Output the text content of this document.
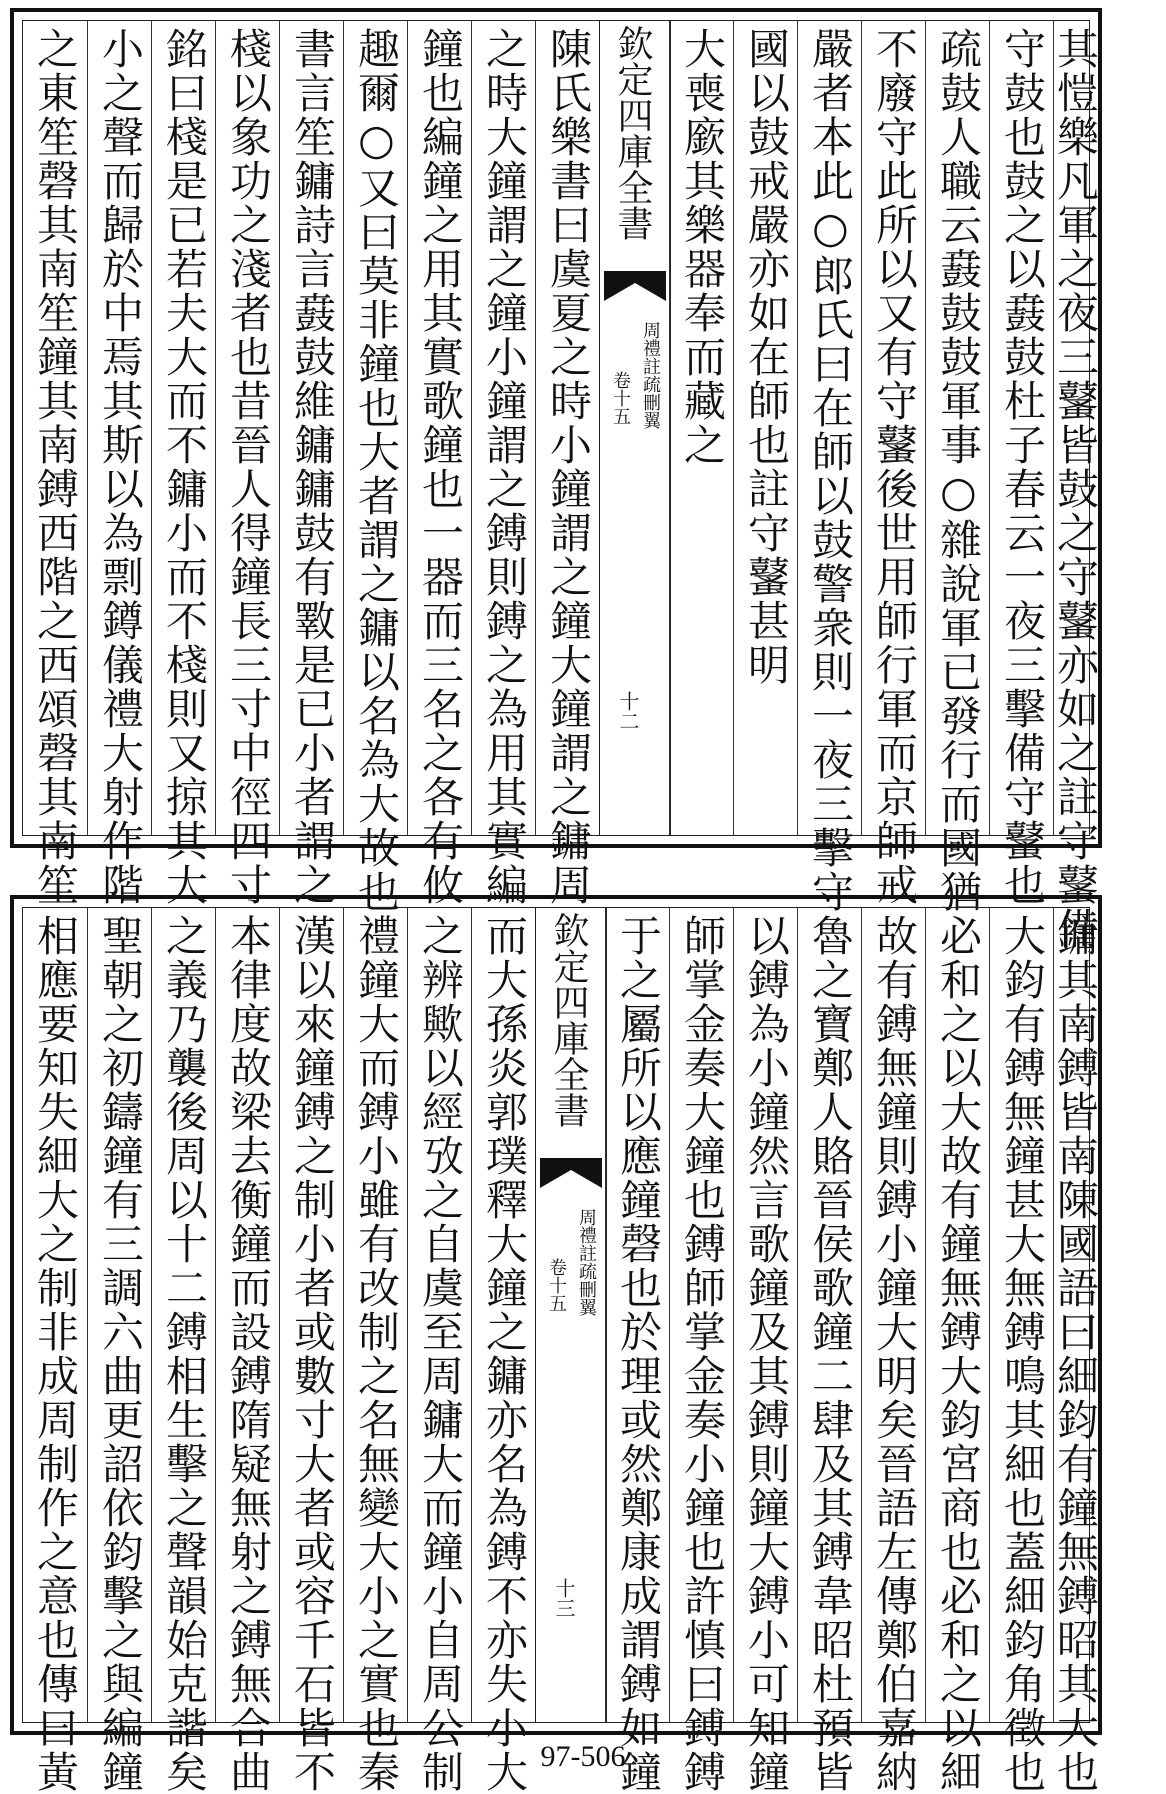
之東笙磬其南笙鐘其南鎛西階之西頌磬其南笙 小之聲而歸於中焉其斯以為剽鐏儀禮大射作階 銘曰棧是已若夫大而不鏞小而不棧則又掠其大 棧以象功之淺者也昔晉人得鐘長三寸中徑四寸 書言笙鏞詩言鼖鼓維鏞鏞鼓有斁是已小者謂之 趣爾○又曰莫非鐘也大者謂之鏞以名為大故也 鐘也編鐘之用其實歌鐘也一器而三名之各有攸 之時大鐘謂之鐘小鐘謂之鎛則鎛之為用其實編 陳氏樂書曰虞夏之時小鐘謂之鐘大鐘謂之鏞周 欽定四庫全書
周禮註疏刪翼
卷十五
十二
大喪廞其樂器奉而藏之 國以鼓戒嚴亦如在師也註守鼜甚明 嚴者本此○郎氏曰在師以鼓警衆則一夜三擊守 不廢守此所以又有守鼜後世用師行軍而京師戒 疏鼓人職云鼖鼓鼓軍事○雜說軍已發行而國猶 守鼓也鼓之以鼖鼓杜子春云一夜三擊備守鼜也 其愷樂凡軍之夜三鼜皆鼓之守鼜亦如之註守鼜備
相應要知失細大之制非成周制作之意也傳曰黃 聖朝之初鑄鐘有三調六曲更詔依鈞擊之與編鐘 之義乃襲後周以十二鎛相生擊之聲韻始克諧矣 本律度故梁去衡鐘而設鎛隋疑無射之鎛無合曲 漢以來鐘鎛之制小者或數寸大者或容千石皆不 禮鐘大而鎛小雖有改制之名無變大小之實也秦 之辨歟以經攷之自虞至周鏞大而鐘小自周公制 而大孫炎郭璞釋大鐘之鏞亦名為鎛不亦失小大 欽定四庫全書
周禮註疏刪翼
卷十五
十三 于之屬所以應鐘磬也於理或然鄭康成謂鎛如鐘 師掌金奏大鐘也鎛師掌金奏小鐘也許慎曰鎛鎛 以鎛為小鐘然言歌鐘及其鎛則鐘大鎛小可知鐘 魯之寶鄭人賂晉侯歌鐘二肆及其鎛韋昭杜預皆 故有鎛無鐘則鎛小鐘大明矣晉語左傳鄭伯嘉納 必和之以大故有鐘無鎛大鈞宮商也必和之以細 大鈞有鎛無鐘甚大無鎛鳴其細也蓋細鈞角徵也 鏞其南鎛皆南陳國語曰細鈞有鐘無鎛昭其大也
97-506
